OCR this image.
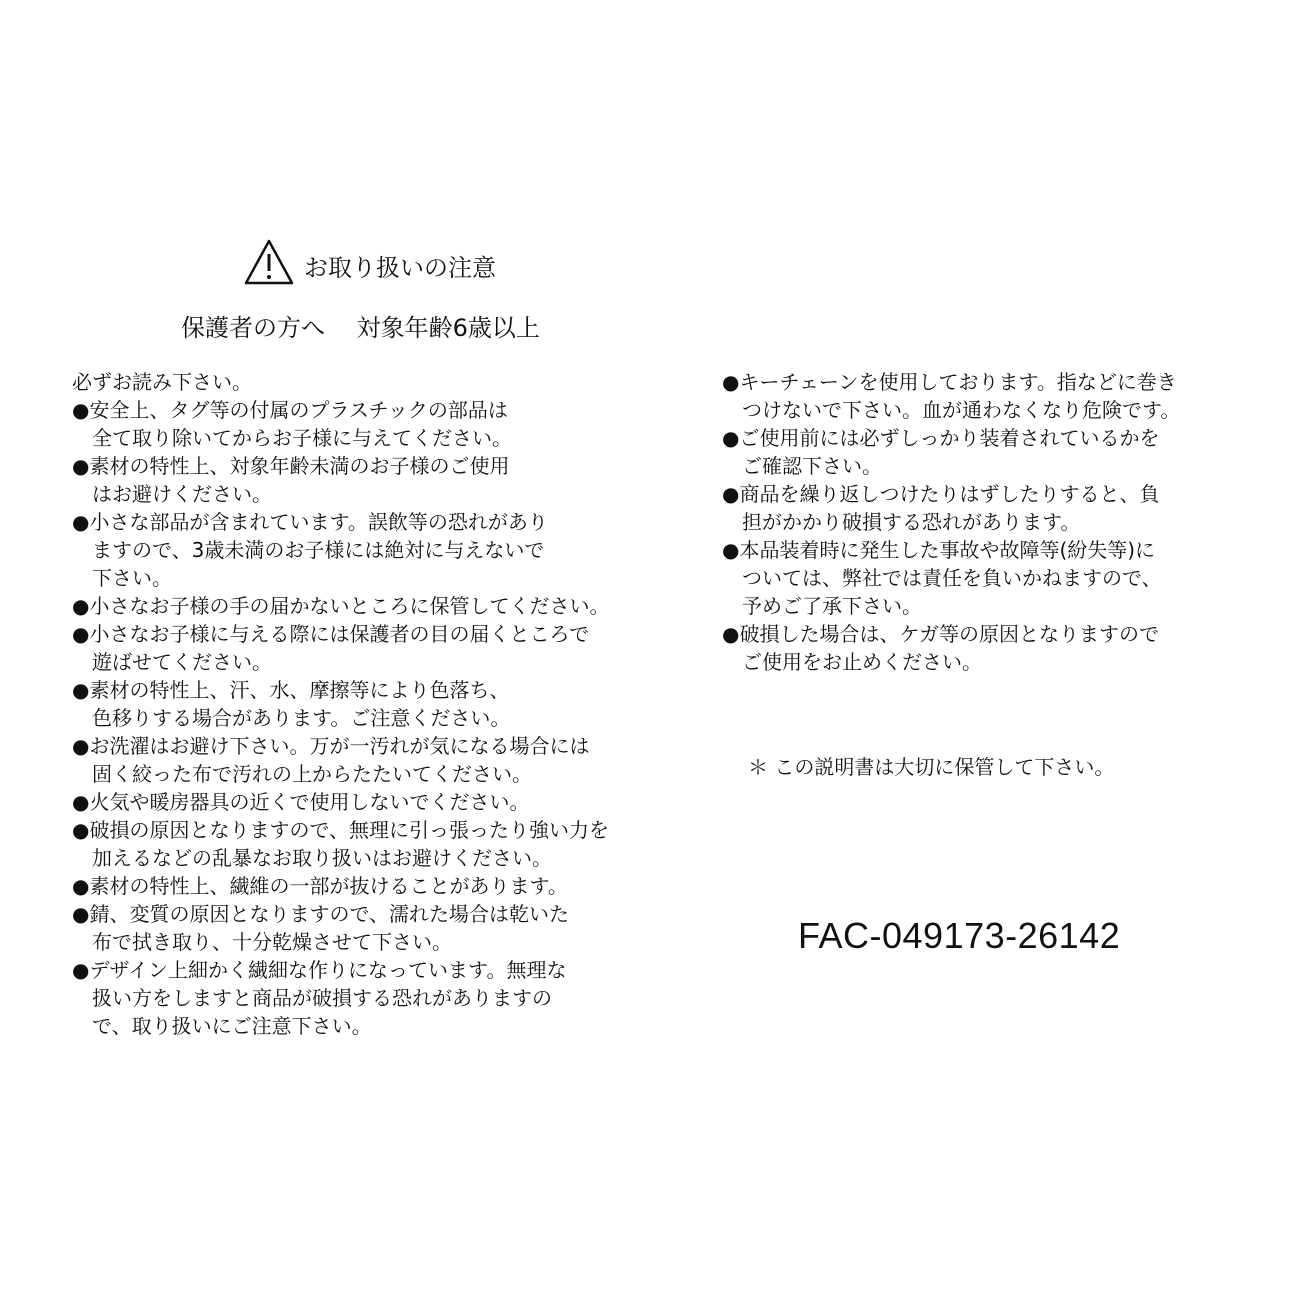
お取り扱いの注意
保護者の方へ　 対象年齢6歳以上
必ずお読み下さい。
●安全上、タグ等の付属のプラスチックの部品は
　全て取り除いてからお子様に与えてください。
●素材の特性上、対象年齢未満のお子様のご使用
　はお避けください。
●小さな部品が含まれています。誤飲等の恐れがあり
　ますので、3歳未満のお子様には絶対に与えないで
　下さい。
●小さなお子様の手の届かないところに保管してください。
●小さなお子様に与える際には保護者の目の届くところで
　遊ばせてください。
●素材の特性上、汗、水、摩擦等により色落ち、
　色移りする場合があります。ご注意ください。
●お洗濯はお避け下さい。万が一汚れが気になる場合には
　固く絞った布で汚れの上からたたいてください。
●火気や暖房器具の近くで使用しないでください。
●破損の原因となりますので、無理に引っ張ったり強い力を
　加えるなどの乱暴なお取り扱いはお避けください。
●素材の特性上、繊維の一部が抜けることがあります。
●錆、変質の原因となりますので、濡れた場合は乾いた
　布で拭き取り、十分乾燥させて下さい。
●デザイン上細かく繊細な作りになっています。無理な
　扱い方をしますと商品が破損する恐れがありますの
　で、取り扱いにご注意下さい。
●キーチェーンを使用しております。指などに巻き
　つけないで下さい。血が通わなくなり危険です。
●ご使用前には必ずしっかり装着されているかを
　ご確認下さい。
●商品を繰り返しつけたりはずしたりすると、負
　担がかかり破損する恐れがあります。
●本品装着時に発生した事故や故障等(紛失等)に
　ついては、弊社では責任を負いかねますので、
　予めご了承下さい。
●破損した場合は、ケガ等の原因となりますので
　ご使用をお止めください。
＊ この説明書は大切に保管して下さい。
FAC-049173-26142
